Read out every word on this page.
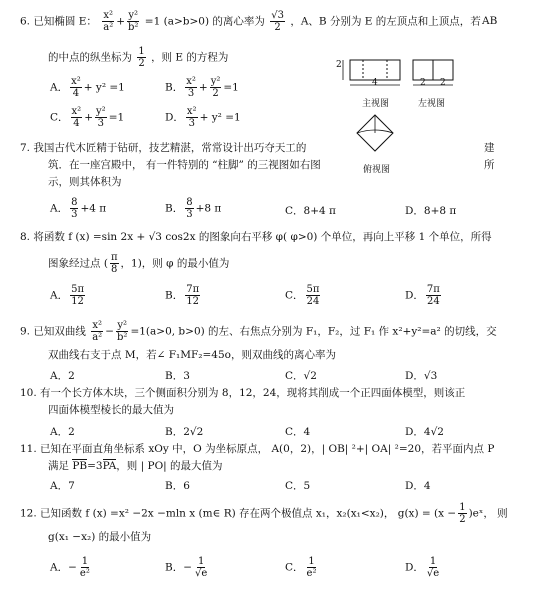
6. 已知椭圆 E： $\frac{\text{x²}}{\text{a²}} + \frac{\text{y²}}{\text{b²}} =1$ (a>b>0) 的离心率为 $\frac{√3}{2}$ ，A、B 分别为 E 的左顶点和上顶点，若 AB
的中点的纵坐标为 $\frac{1}{2}$ ，则 E 的方程为
A． $\frac{\text{x²}}{4} + y^2 =1$	B． $\frac{\text{x²}}{3} + \frac{\text{y²}}{2} =1$
C． $\frac{\text{x²}}{4} + \frac{\text{y²}}{3} =1$	D． $\frac{\text{x²}}{3} + y^2 =1$
2
4	2 2
主视图	左视图
俯视图
7. 我国古代木匠精于钻研，技艺精湛，常常设计出巧夺天工的	建
筑．在一座宫殿中， 有一件特别的 “柱脚” 的三视图如右图	所
示，则其体积为
A． $\frac{8}{3} +4$ π	B． $\frac{8}{3} +8$ π	C．8+4 π	D．8+8 π
8. 将函数 f (x) =sin 2x + √3 cos2x 的图象向右平移 φ( φ>0) 个单位，再向上平移 1 个单位，所得
图象经过点 ( $\frac{\pi}{8}$ ，1)，则 φ 的最小值为
A． $\frac{5\pi}{12}$	B． $\frac{7\pi}{12}$	C． $\frac{5\pi}{24}$	D． $\frac{7\pi}{24}$
9. 已知双曲线 $\frac{\text{x²}}{\text{a²}} - \frac{\text{y²}}{\text{b²}} =1(a>0$, b>0) 的左、右焦点分别为 F₁，F₂，过 F₁ 作 x²+y²=a² 的切线，交
双曲线右支于点 M，若∠ F₁MF₂=45o，则双曲线的离心率为
A．2	B．3	C．√2	D．√3
10. 有一个长方体木块，三个侧面积分别为 8，12，24，现将其削成一个正四面体模型，则该正
四面体模型棱长的最大值为
A．2	B．2√2	C．4	D．4√2
11. 已知在平面直角坐标系 xOy 中，O 为坐标原点， A(0，2)，| OB| ²+| OA| ²=20，若平面内点 P
满足 PB=3PA，则 | PO| 的最大值为
A．7	B．6	C．5	D．4
12. 已知函数 f (x) =x² −2x −mln x (m∈ R) 存在两个极值点 x₁，x₂(x₁<x₂)， $g(x) = (x - \frac{1}{2}$ )eˣ， 则
g(x₁ −x₂) 的最小值为
A．− $\frac{1}{\text{e²}}$	B．− $\frac{1}{√e}$	C． $\frac{1}{\text{e²}}$	D． $\frac{1}{√e}$
